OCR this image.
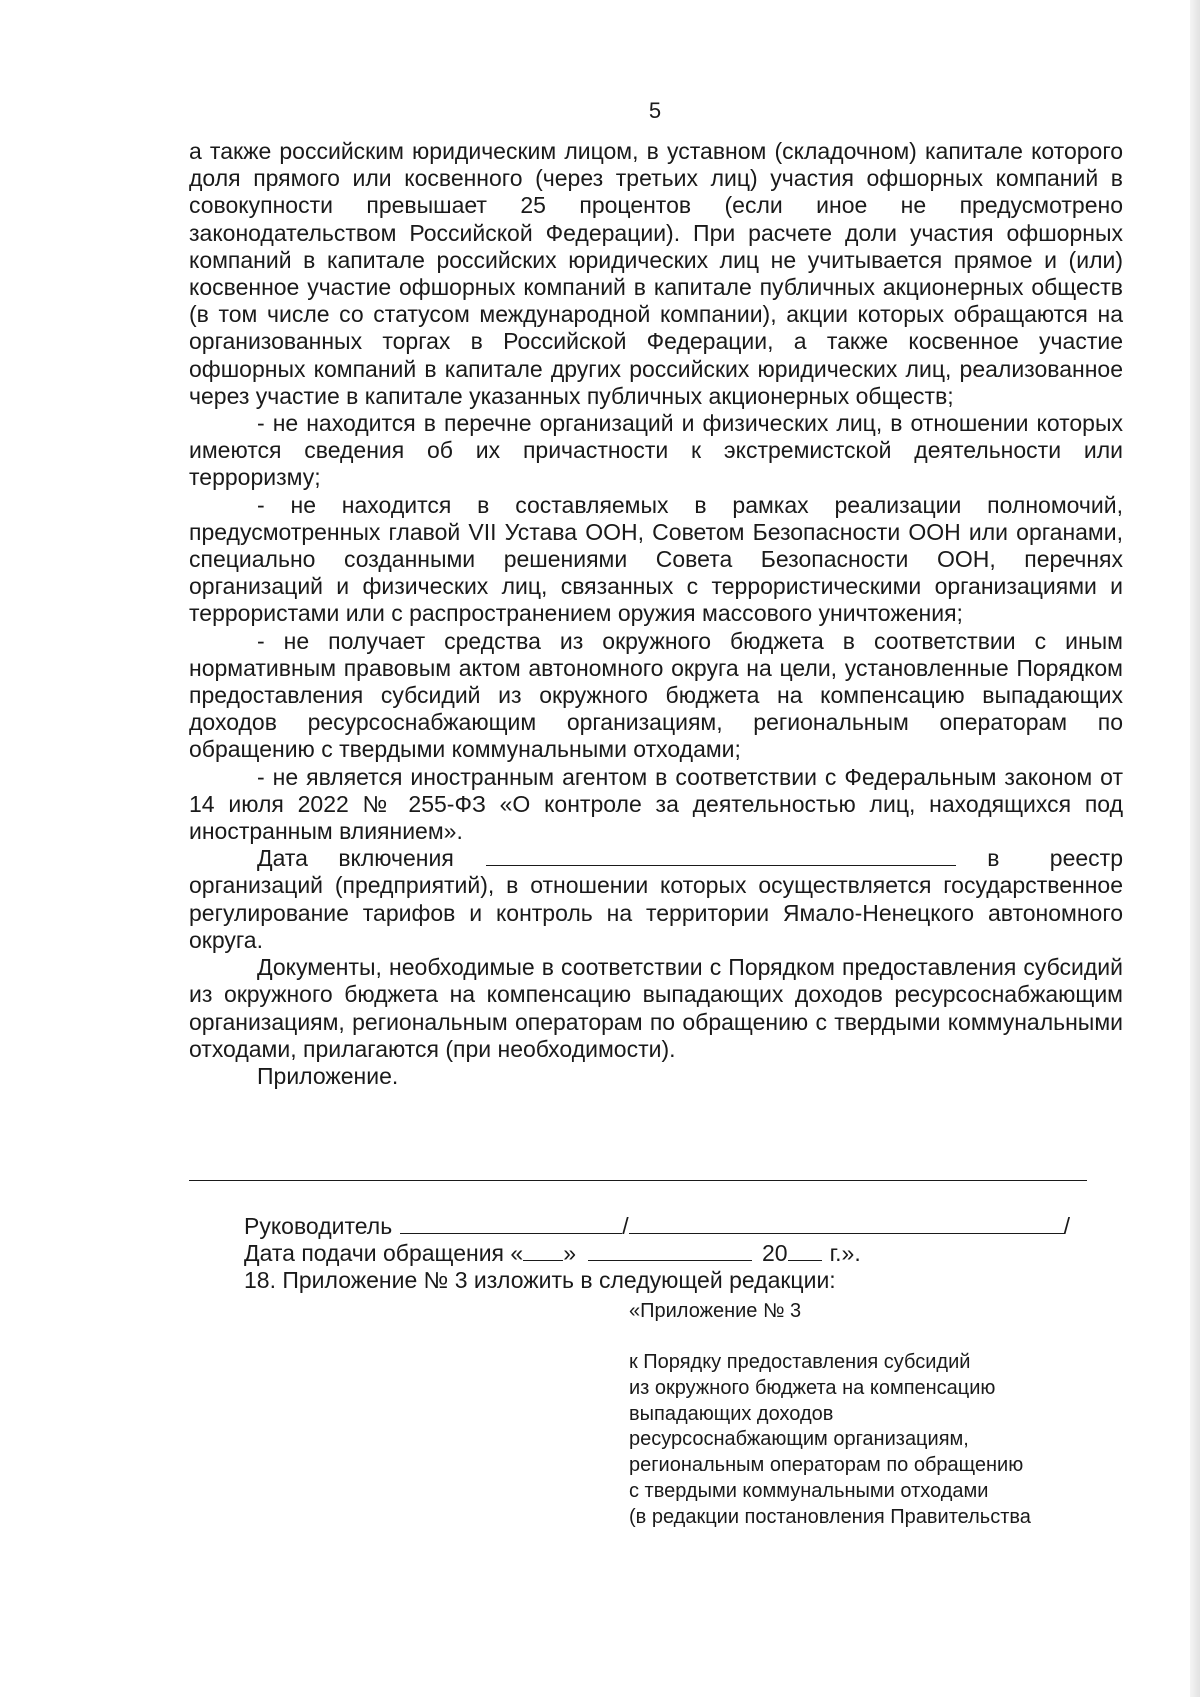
5

а также российским юридическим лицом, в уставном (складочном) капитале которого доля прямого или косвенного (через третьих лиц) участия офшорных компаний в совокупности превышает 25 процентов (если иное не предусмотрено законодательством Российской Федерации). При расчете доли участия офшорных компаний в капитале российских юридических лиц не учитывается прямое и (или) косвенное участие офшорных компаний в капитале публичных акционерных обществ (в том числе со статусом международной компании), акции которых обращаются на организованных торгах в Российской Федерации, а также косвенное участие офшорных компаний в капитале других российских юридических лиц, реализованное через участие в капитале указанных публичных акционерных обществ;

- не находится в перечне организаций и физических лиц, в отношении которых имеются сведения об их причастности к экстремистской деятельности или терроризму;

- не находится в составляемых в рамках реализации полномочий, предусмотренных главой VII Устава ООН, Советом Безопасности ООН или органами, специально созданными решениями Совета Безопасности ООН, перечнях организаций и физических лиц, связанных с террористическими организациями и террористами или с распространением оружия массового уничтожения;

- не получает средства из окружного бюджета в соответствии с иным нормативным правовым актом автономного округа на цели, установленные Порядком предоставления субсидий из окружного бюджета на компенсацию выпадающих доходов ресурсоснабжающим организациям, региональным операторам по обращению с твердыми коммунальными отходами;

- не является иностранным агентом в соответствии с Федеральным законом от 14 июля 2022 № 255-ФЗ «О контроле за деятельностью лиц, находящихся под иностранным влиянием».

Дата включения	в реестр

организаций (предприятий), в отношении которых осуществляется государственное регулирование тарифов и контроль на территории Ямало-Ненецкого автономного округа.

Документы, необходимые в соответствии с Порядком предоставления субсидий из окружного бюджета на компенсацию выпадающих доходов ресурсоснабжающим организациям, региональным операторам по обращению с твердыми коммунальными отходами, прилагаются (при необходимости).

Приложение.

Руководитель	/	/
Дата подачи обращения « »	20 г.».
18. Приложение № 3 изложить в следующей редакции:
«Приложение № 3
к Порядку предоставления субсидий
из окружного бюджета на компенсацию
выпадающих доходов
ресурсоснабжающим организациям,
региональным операторам по обращению
с твердыми коммунальными отходами
(в редакции постановления Правительства
